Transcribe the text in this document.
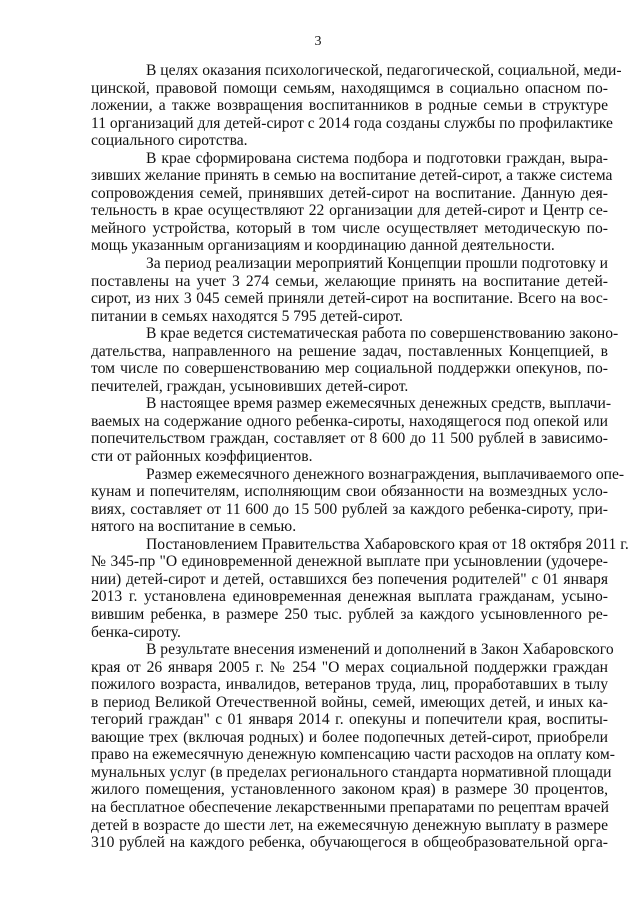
3
В целях оказания психологической, педагогической, социальной, меди-
цинской, правовой помощи семьям, находящимся в социально опасном по-
ложении, а также возвращения воспитанников в родные семьи в структуре
11 организаций для детей-сирот с 2014 года созданы службы по профилактике
социального сиротства.
В крае сформирована система подбора и подготовки граждан, выра-
зивших желание принять в семью на воспитание детей-сирот, а также система
сопровождения семей, принявших детей-сирот на воспитание. Данную дея-
тельность в крае осуществляют 22 организации для детей-сирот и Центр се-
мейного устройства, который в том числе осуществляет методическую по-
мощь указанным организациям и координацию данной деятельности.
За период реализации мероприятий Концепции прошли подготовку и
поставлены на учет 3 274 семьи, желающие принять на воспитание детей-
сирот, из них 3 045 семей приняли детей-сирот на воспитание. Всего на вос-
питании в семьях находятся 5 795 детей-сирот.
В крае ведется систематическая работа по совершенствованию законо-
дательства, направленного на решение задач, поставленных Концепцией, в
том числе по совершенствованию мер социальной поддержки опекунов, по-
печителей, граждан, усыновивших детей-сирот.
В настоящее время размер ежемесячных денежных средств, выплачи-
ваемых на содержание одного ребенка-сироты, находящегося под опекой или
попечительством граждан, составляет от 8 600 до 11 500 рублей в зависимо-
сти от районных коэффициентов.
Размер ежемесячного денежного вознаграждения, выплачиваемого опе-
кунам и попечителям, исполняющим свои обязанности на возмездных усло-
виях, составляет от 11 600 до 15 500 рублей за каждого ребенка-сироту, при-
нятого на воспитание в семью.
Постановлением Правительства Хабаровского края от 18 октября 2011 г.
№ 345-пр "О единовременной денежной выплате при усыновлении (удочере-
нии) детей-сирот и детей, оставшихся без попечения родителей" с 01 января
2013 г. установлена единовременная денежная выплата гражданам, усыно-
вившим ребенка, в размере 250 тыс. рублей за каждого усыновленного ре-
бенка-сироту.
В результате внесения изменений и дополнений в Закон Хабаровского
края от 26 января 2005 г. № 254 "О мерах социальной поддержки граждан
пожилого возраста, инвалидов, ветеранов труда, лиц, проработавших в тылу
в период Великой Отечественной войны, семей, имеющих детей, и иных ка-
тегорий граждан" с 01 января 2014 г. опекуны и попечители края, воспиты-
вающие трех (включая родных) и более подопечных детей-сирот, приобрели
право на ежемесячную денежную компенсацию части расходов на оплату ком-
мунальных услуг (в пределах регионального стандарта нормативной площади
жилого помещения, установленного законом края) в размере 30 процентов,
на бесплатное обеспечение лекарственными препаратами по рецептам врачей
детей в возрасте до шести лет, на ежемесячную денежную выплату в размере
310 рублей на каждого ребенка, обучающегося в общеобразовательной орга-
